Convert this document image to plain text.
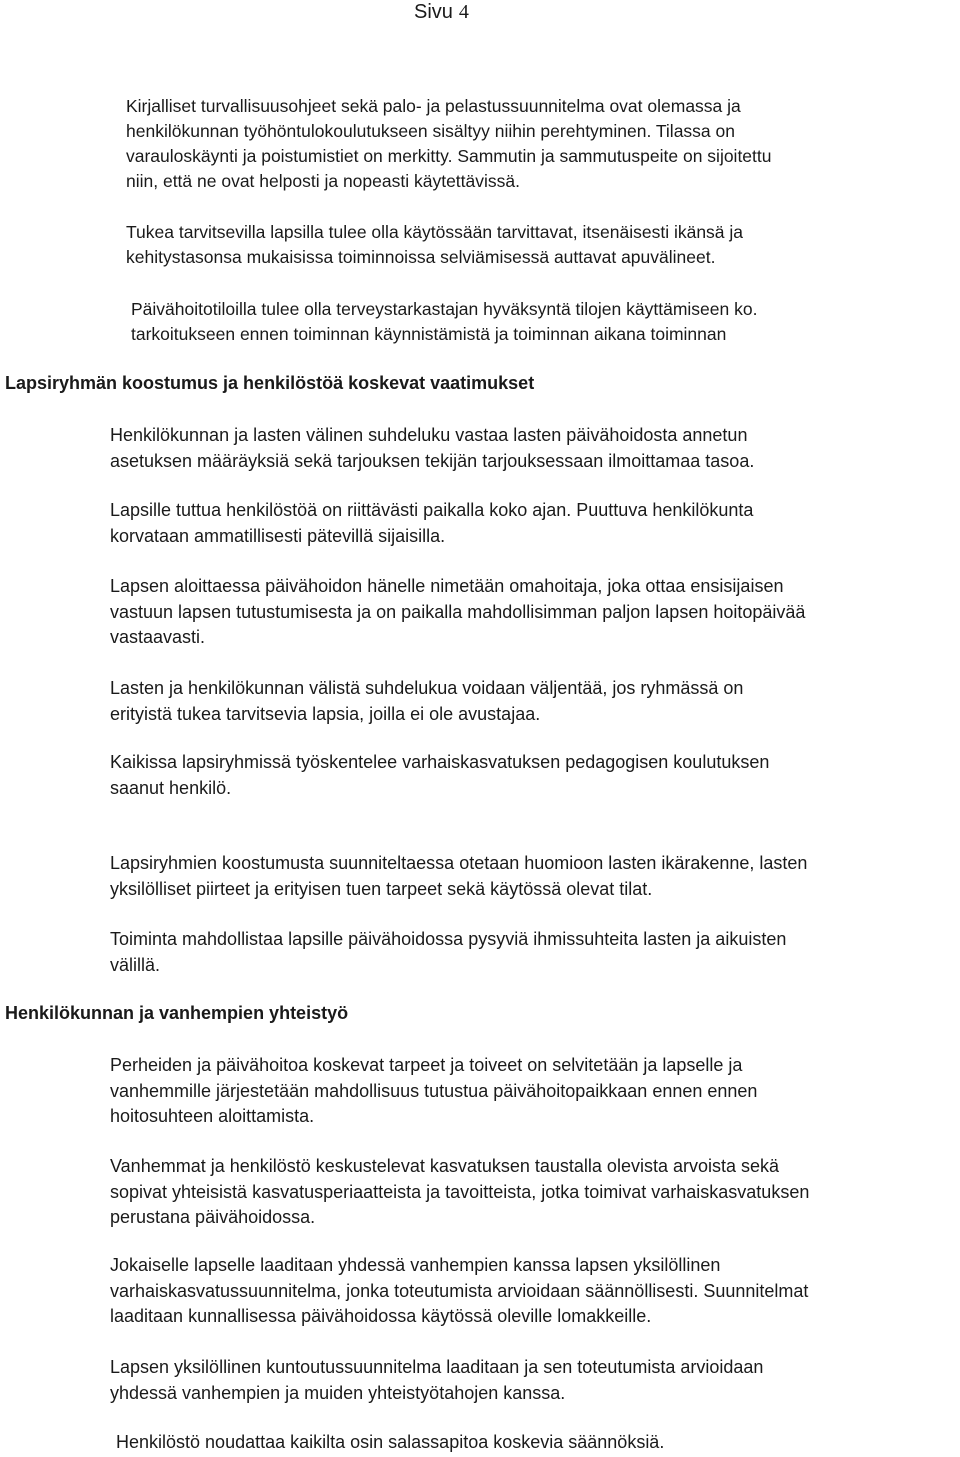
Sivu 4

Kirjalliset turvallisuusohjeet sekä palo- ja pelastussuunnitelma ovat olemassa ja
henkilökunnan työhöntulokoulutukseen sisältyy niihin perehtyminen. Tilassa on
varauloskäynti ja poistumistiet on merkitty. Sammutin ja sammutuspeite on sijoitettu
niin, että ne ovat helposti ja nopeasti käytettävissä.

Tukea tarvitsevilla lapsilla tulee olla käytössään tarvittavat, itsenäisesti ikänsä ja
kehitystasonsa mukaisissa toiminnoissa selviämisessä auttavat apuvälineet.

Päivähoitotiloilla tulee olla terveystarkastajan hyväksyntä tilojen käyttämiseen ko.
tarkoitukseen ennen toiminnan käynnistämistä ja toiminnan aikana toiminnan

Lapsiryhmän koostumus ja henkilöstöä koskevat vaatimukset

Henkilökunnan ja lasten välinen suhdeluku vastaa lasten päivähoidosta annetun
asetuksen määräyksiä sekä tarjouksen tekijän tarjouksessaan ilmoittamaa tasoa.

Lapsille tuttua henkilöstöä on riittävästi paikalla koko ajan. Puuttuva henkilökunta
korvataan ammatillisesti pätevillä sijaisilla.

Lapsen aloittaessa päivähoidon hänelle nimetään omahoitaja, joka ottaa ensisijaisen
vastuun lapsen tutustumisesta ja on paikalla mahdollisimman paljon lapsen hoitopäivää
vastaavasti.

Lasten ja henkilökunnan välistä suhdelukua voidaan väljentää, jos ryhmässä on
erityistä tukea tarvitsevia lapsia, joilla ei ole avustajaa.

Kaikissa lapsiryhmissä työskentelee varhaiskasvatuksen pedagogisen koulutuksen
saanut henkilö.

Lapsiryhmien koostumusta suunniteltaessa otetaan huomioon lasten ikärakenne, lasten
yksilölliset piirteet ja erityisen tuen tarpeet sekä käytössä olevat tilat.

Toiminta mahdollistaa lapsille päivähoidossa pysyviä ihmissuhteita lasten ja aikuisten
välillä.

Henkilökunnan ja vanhempien yhteistyö

Perheiden ja päivähoitoa koskevat tarpeet ja toiveet on selvitetään ja lapselle ja
vanhemmille järjestetään mahdollisuus tutustua päivähoitopaikkaan ennen ennen
hoitosuhteen aloittamista.

Vanhemmat ja henkilöstö keskustelevat kasvatuksen taustalla olevista arvoista sekä
sopivat yhteisistä kasvatusperiaatteista ja tavoitteista, jotka toimivat varhaiskasvatuksen
perustana päivähoidossa.

Jokaiselle lapselle laaditaan yhdessä vanhempien kanssa lapsen yksilöllinen
varhaiskasvatussuunnitelma, jonka toteutumista arvioidaan säännöllisesti. Suunnitelmat
laaditaan kunnallisessa päivähoidossa käytössä oleville lomakkeille.

Lapsen yksilöllinen kuntoutussuunnitelma laaditaan ja sen toteutumista arvioidaan
yhdessä vanhempien ja muiden yhteistyötahojen kanssa.

Henkilöstö noudattaa kaikilta osin salassapitoa koskevia säännöksiä.
